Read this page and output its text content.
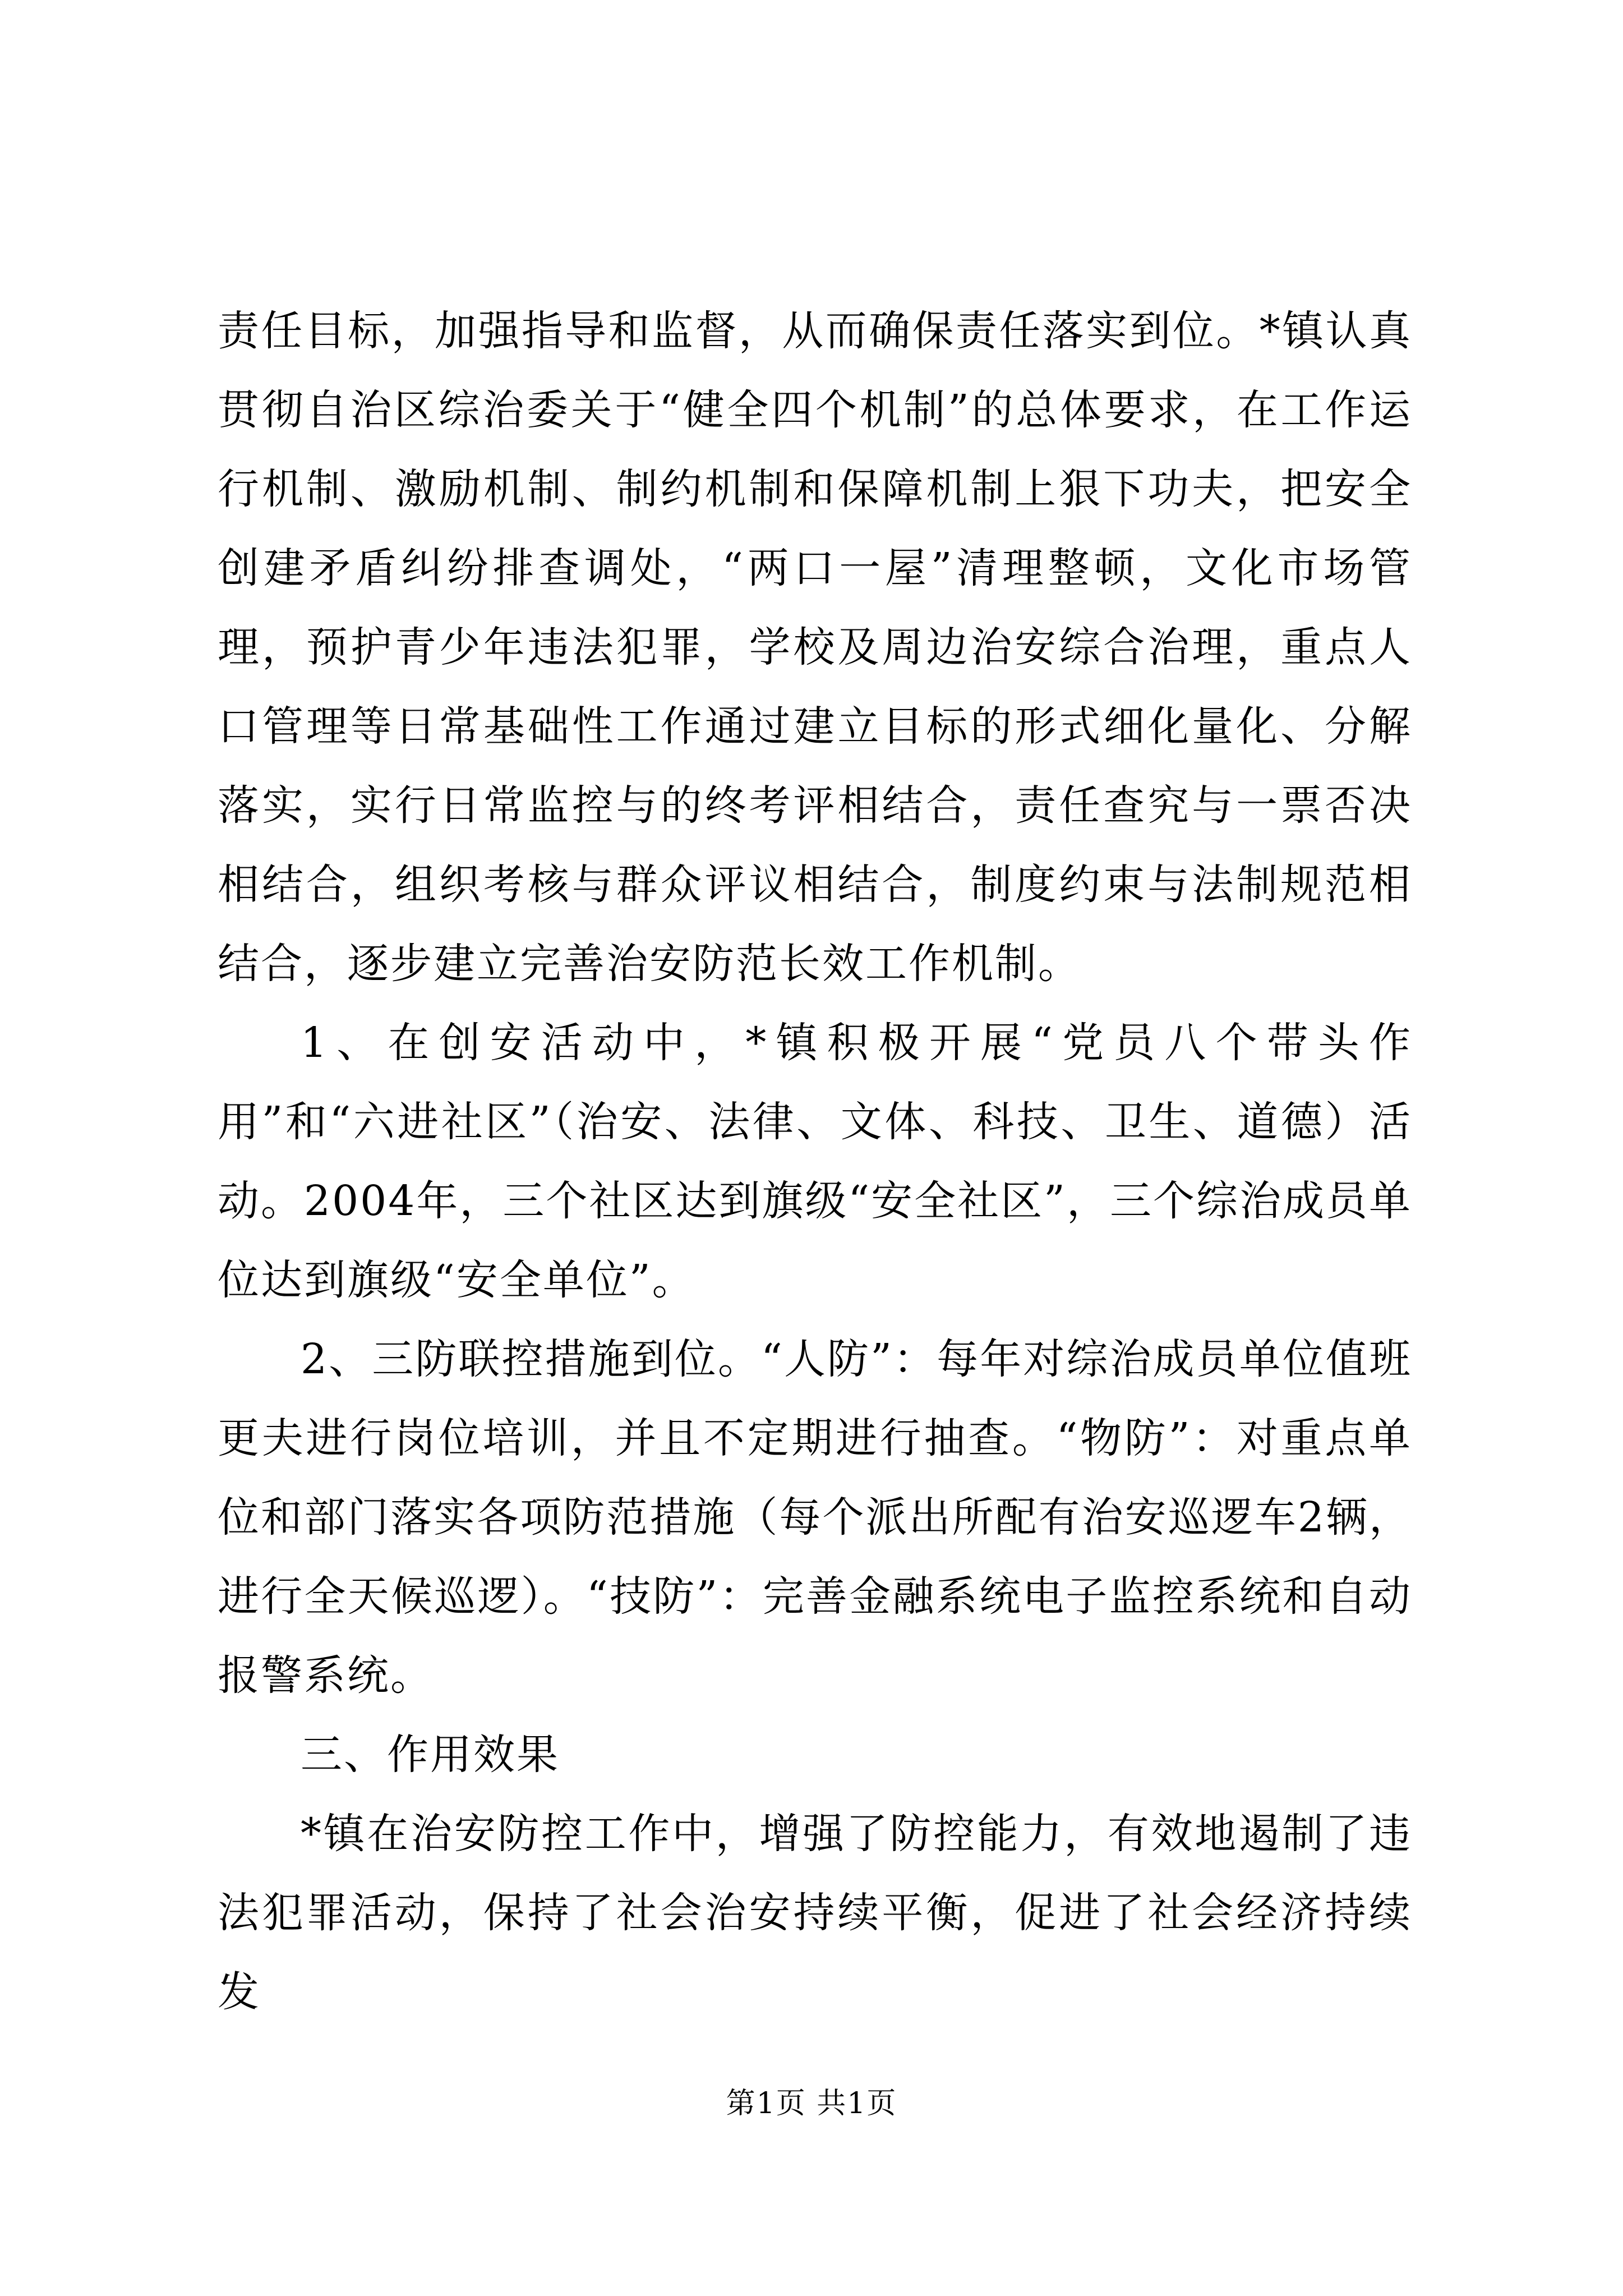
责任目标，加强指导和监督，从而确保责任落实到位。*镇认真贯彻自治区综治委关于“健全四个机制”的总体要求，在工作运行机制、激励机制、制约机制和保障机制上狠下功夫，把安全创建矛盾纠纷排查调处，“两口一屋”清理整顿，文化市场管理，预护青少年违法犯罪，学校及周边治安综合治理，重点人口管理等日常基础性工作通过建立目标的形式细化量化、分解落实，实行日常监控与的终考评相结合，责任查究与一票否决相结合，组织考核与群众评议相结合，制度约束与法制规范相结合，逐步建立完善治安防范长效工作机制。

1、在创安活动中，*镇积极开展“党员八个带头作用”和“六进社区”（治安、法律、文体、科技、卫生、道德）活动。2004年，三个社区达到旗级“安全社区”，三个综治成员单位达到旗级“安全单位”。

2、三防联控措施到位。“人防”：每年对综治成员单位值班更夫进行岗位培训，并且不定期进行抽查。“物防”：对重点单位和部门落实各项防范措施（每个派出所配有治安巡逻车2辆，进行全天候巡逻）。“技防”：完善金融系统电子监控系统和自动报警系统。

三、作用效果

*镇在治安防控工作中，增强了防控能力，有效地遏制了违法犯罪活动，保持了社会治安持续平衡，促进了社会经济持续发

第1页 共1页
